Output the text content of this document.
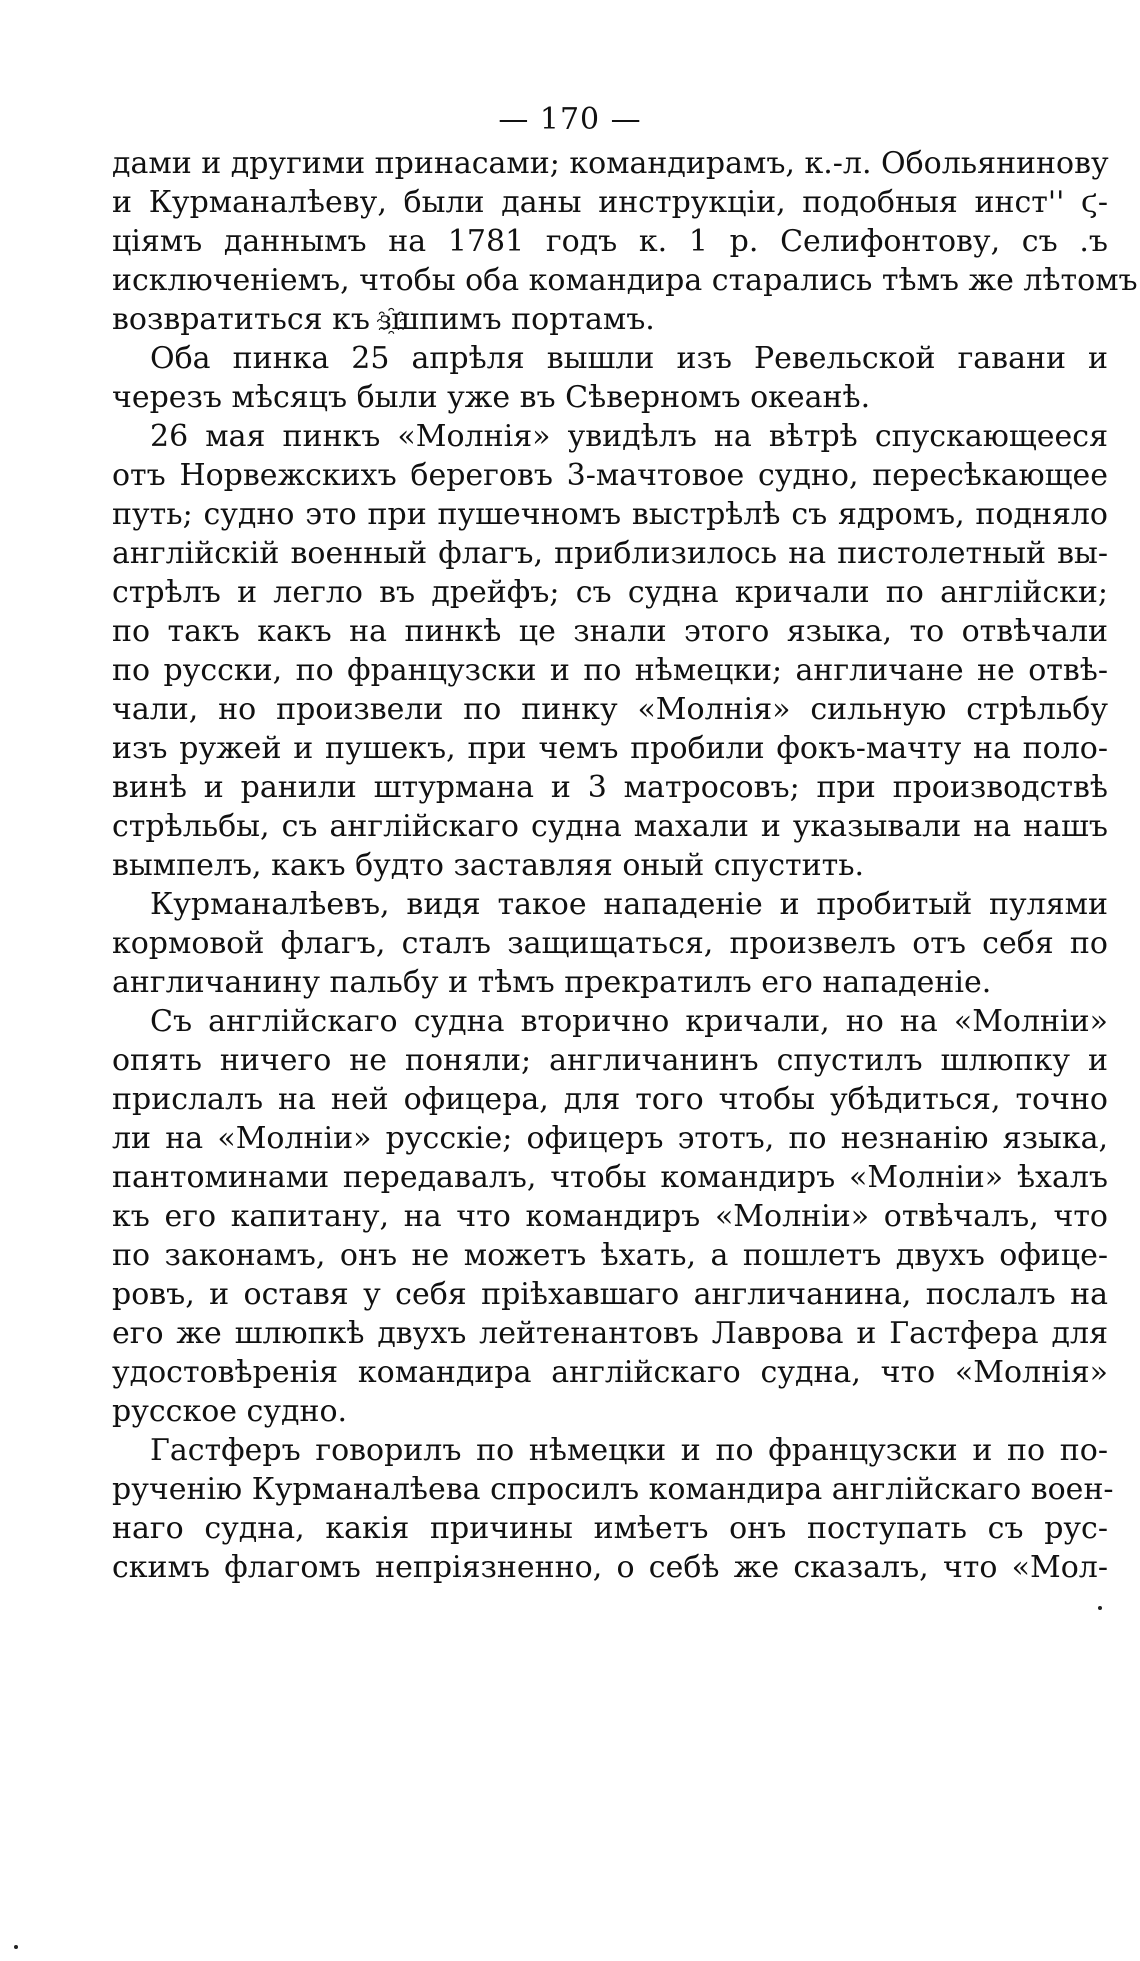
— 170 —
дами и другими принасами; командирамъ, к.-л. Обольянинову
и Курманалѣеву, были даны инструкціи, подобныя инст'' ϛ-
ціямъ даннымъ на 1781 годъ к. 1 р. Селифонтову, съ .ъ
исключеніемъ, чтобы оба командира старались тѣмъ же лѣтомъ
возвратиться къ з҈шпимъ портамъ.
Оба пинка 25 апрѣля вышли изъ Ревельской гавани и
черезъ мѣсяцъ были уже въ Сѣверномъ океанѣ.
26 мая пинкъ «Молнія» увидѣлъ на вѣтрѣ спускающееся
отъ Норвежскихъ береговъ 3-мачтовое судно, пересѣкающее
путь; судно это при пушечномъ выстрѣлѣ съ ядромъ, подняло
англійскій военный флагъ, приблизилось на пистолетный вы-
стрѣлъ и легло въ дрейфъ; съ судна кричали по англійски;
по такъ какъ на пинкѣ це знали этого языка, то отвѣчали
по русски, по французски и по нѣмецки; англичане не отвѣ-
чали, но произвели по пинку «Молнія» сильную стрѣльбу
изъ ружей и пушекъ, при чемъ пробили фокъ-мачту на поло-
винѣ и ранили штурмана и 3 матросовъ; при производствѣ
стрѣльбы, съ англійскаго судна махали и указывали на нашъ
вымпелъ, какъ будто заставляя оный спустить.
Курманалѣевъ, видя такое нападеніе и пробитый пулями
кормовой флагъ, сталъ защищаться, произвелъ отъ себя по
англичанину пальбу и тѣмъ прекратилъ его нападеніе.
Съ англійскаго судна вторично кричали, но на «Молніи»
опять ничего не поняли; англичанинъ спустилъ шлюпку и
прислалъ на ней офицера, для того чтобы убѣдиться, точно
ли на «Молніи» русскіе; офицеръ этотъ, по незнанію языка,
пантоминами передавалъ, чтобы командиръ «Молніи» ѣхалъ
къ его капитану, на что командиръ «Молніи» отвѣчалъ, что
по законамъ, онъ не можетъ ѣхать, а пошлетъ двухъ офице-
ровъ, и оставя у себя пріѣхавшаго англичанина, послалъ на
его же шлюпкѣ двухъ лейтенантовъ Лаврова и Гастфера для
удостовѣренія командира англійскаго судна, что «Молнія»
русское судно.
Гастферъ говорилъ по нѣмецки и по французски и по по-
рученію Курманалѣева спросилъ командира англійскаго воен-
наго судна, какія причины имѣетъ онъ поступать съ рус-
скимъ флагомъ непріязненно, о себѣ же сказалъ, что «Мол-
